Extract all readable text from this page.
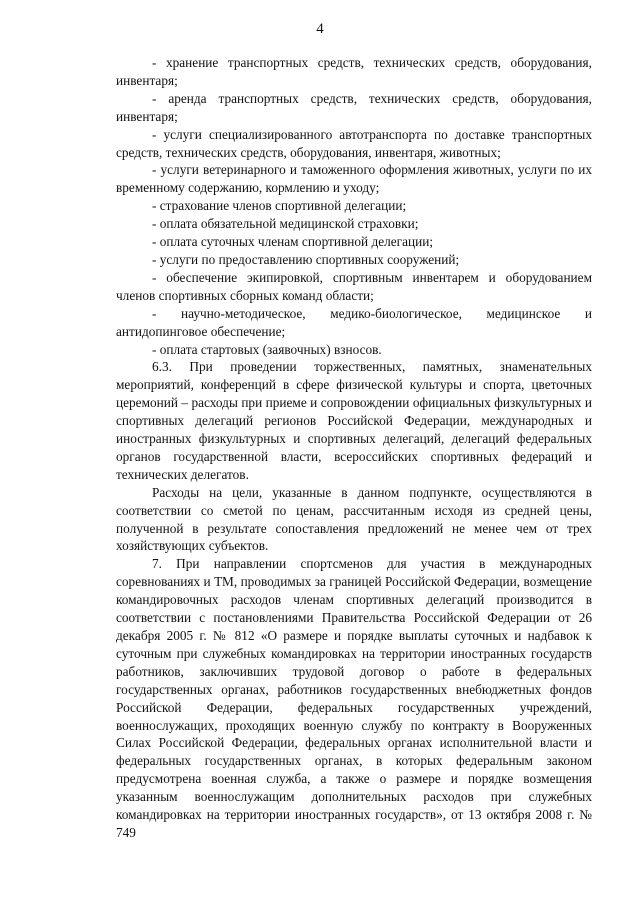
4

- хранение транспортных средств, технических средств, оборудования, инвентаря;

- аренда транспортных средств, технических средств, оборудования, инвентаря;

- услуги специализированного автотранспорта по доставке транспортных средств, технических средств, оборудования, инвентаря, животных;

- услуги ветеринарного и таможенного оформления животных, услуги по их временному содержанию, кормлению и уходу;

- страхование членов спортивной делегации;

- оплата обязательной медицинской страховки;

- оплата суточных членам спортивной делегации;

- услуги по предоставлению спортивных сооружений;

- обеспечение экипировкой, спортивным инвентарем и оборудованием членов спортивных сборных команд области;

- научно-методическое, медико-биологическое, медицинское и антидопинговое обеспечение;

- оплата стартовых (заявочных) взносов.

6.3. При проведении торжественных, памятных, знаменательных мероприятий, конференций в сфере физической культуры и спорта, цветочных церемоний – расходы при приеме и сопровождении официальных физкультурных и спортивных делегаций регионов Российской Федерации, международных и иностранных физкультурных и спортивных делегаций, делегаций федеральных органов государственной власти, всероссийских спортивных федераций и технических делегатов.

Расходы на цели, указанные в данном подпункте, осуществляются в соответствии со сметой по ценам, рассчитанным исходя из средней цены, полученной в результате сопоставления предложений не менее чем от трех хозяйствующих субъектов.

7. При направлении спортсменов для участия в международных соревнованиях и ТМ, проводимых за границей Российской Федерации, возмещение командировочных расходов членам спортивных делегаций производится в соответствии с постановлениями Правительства Российской Федерации от 26 декабря 2005 г. № 812 «О размере и порядке выплаты суточных и надбавок к суточным при служебных командировках на территории иностранных государств работников, заключивших трудовой договор о работе в федеральных государственных органах, работников государственных внебюджетных фондов Российской Федерации, федеральных государственных учреждений, военнослужащих, проходящих военную службу по контракту в Вооруженных Силах Российской Федерации, федеральных органах исполнительной власти и федеральных государственных органах, в которых федеральным законом предусмотрена военная служба, а также о размере и порядке возмещения указанным военнослужащим дополнительных расходов при служебных командировках на территории иностранных государств», от 13 октября 2008 г. № 749
